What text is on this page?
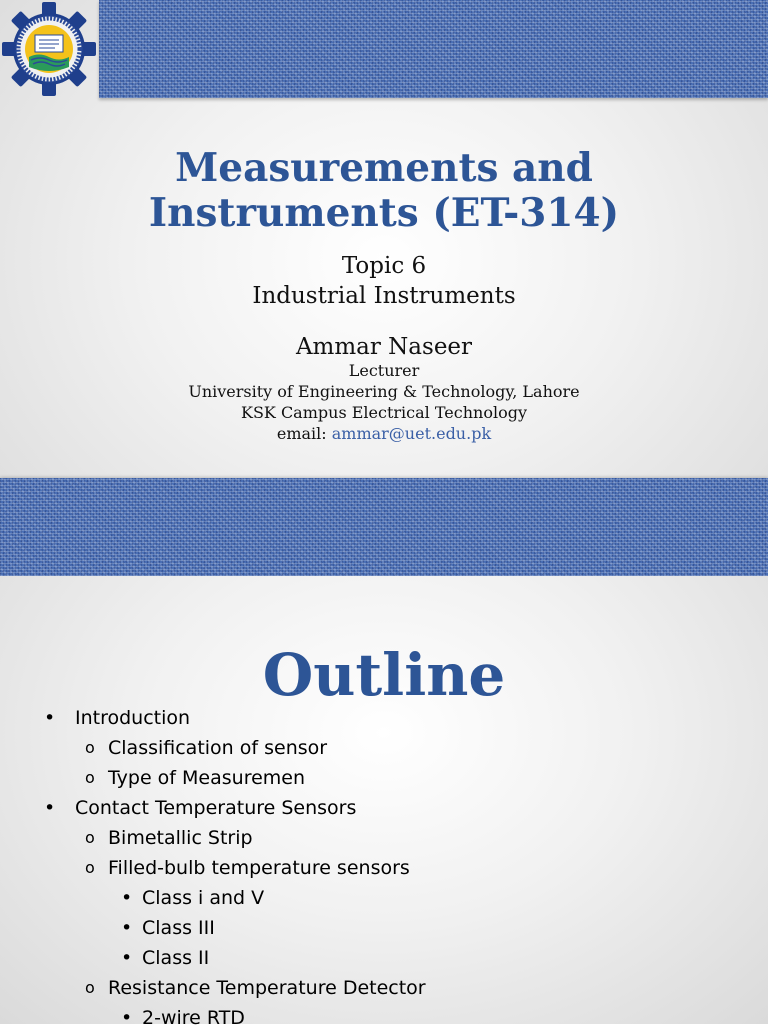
Measurements and Instruments (ET-314)

Topic 6

Industrial Instruments

Ammar Naseer

Lecturer

University of Engineering & Technology, Lahore

KSK Campus Electrical Technology

email: ammar@uet.edu.pk

Outline
• Introduction
o Classification of sensor
o Type of Measuremen
• Contact Temperature Sensors
o Bimetallic Strip
o Filled-bulb temperature sensors
• Class i and V
• Class III
• Class II
o Resistance Temperature Detector
• 2-wire RTD
